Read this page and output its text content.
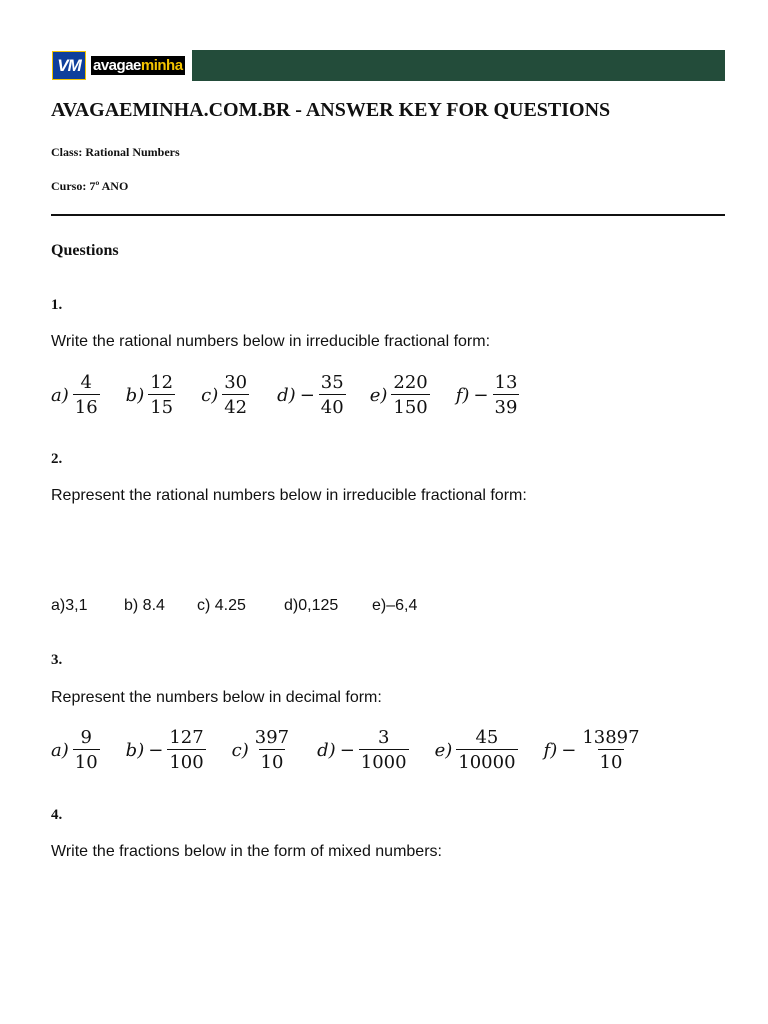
VM avagae minha
AVAGAEMINHA.COM.BR - ANSWER KEY FOR QUESTIONS
Class: Rational Numbers
Curso: 7º ANO
Questions
1.
Write the rational numbers below in irreducible fractional form:
$a) \frac{4}{16} b) \frac{12}{15} c) \frac{30}{42} d) - \frac{35}{40} e) \frac{220}{150} f) - \frac{13}{39}$
2.
Represent the rational numbers below in irreducible fractional form:
a)3,1	b) 8.4	c) 4.25	d)0,125	e)–6,4
3.
Represent the numbers below in decimal form:
$a) \frac{9}{10} b) - \frac{127}{100} c) \frac{397}{10} d) - \frac{3}{1000} e) \frac{45}{10000} f) - \frac{13897}{10}$
4.
Write the fractions below in the form of mixed numbers:
